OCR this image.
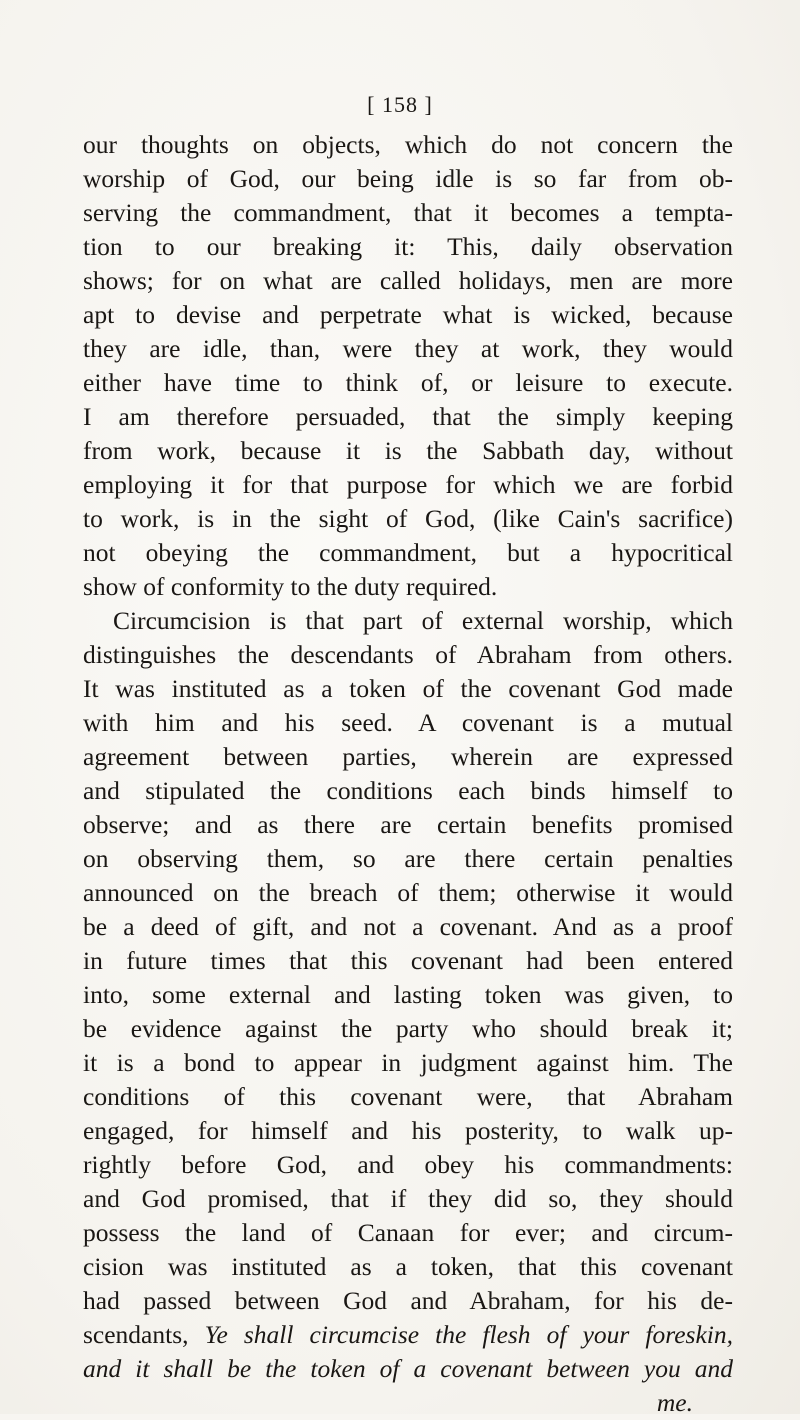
[ 158 ]
our thoughts on objects, which do not concern the
worship of God, our being idle is so far from ob-
serving the commandment, that it becomes a tempta-
tion to our breaking it: This, daily observation
shows; for on what are called holidays, men are more
apt to devise and perpetrate what is wicked, because
they are idle, than, were they at work, they would
either have time to think of, or leisure to execute.
I am therefore persuaded, that the simply keeping
from work, because it is the Sabbath day, without
employing it for that purpose for which we are forbid
to work, is in the sight of God, (like Cain's sacrifice)
not obeying the commandment, but a hypocritical
show of conformity to the duty required.
Circumcision is that part of external worship, which
distinguishes the descendants of Abraham from others.
It was instituted as a token of the covenant God made
with him and his seed. A covenant is a mutual
agreement between parties, wherein are expressed
and stipulated the conditions each binds himself to
observe; and as there are certain benefits promised
on observing them, so are there certain penalties
announced on the breach of them; otherwise it would
be a deed of gift, and not a covenant. And as a proof
in future times that this covenant had been entered
into, some external and lasting token was given, to
be evidence against the party who should break it;
it is a bond to appear in judgment against him. The
conditions of this covenant were, that Abraham
engaged, for himself and his posterity, to walk up-
rightly before God, and obey his commandments:
and God promised, that if they did so, they should
possess the land of Canaan for ever; and circum-
cision was instituted as a token, that this covenant
had passed between God and Abraham, for his de-
scendants, Ye shall circumcise the flesh of your foreskin,
and it shall be the token of a covenant between you and
me.
